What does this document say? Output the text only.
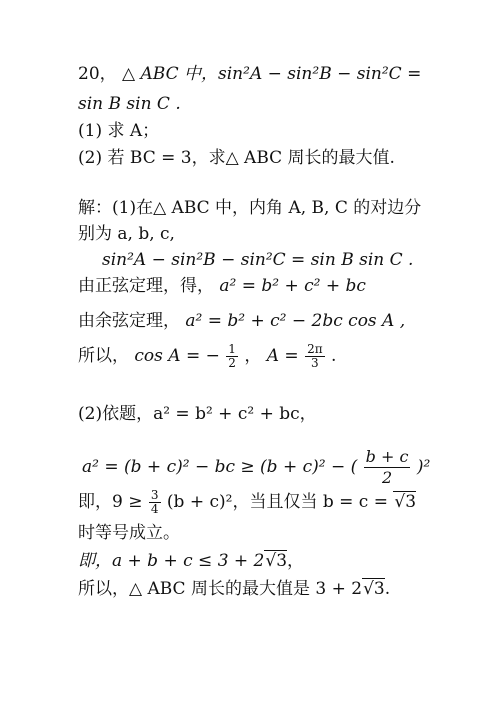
20， △ ABC 中，sin²A − sin²B − sin²C =
sin B sin C .
(1) 求 A；
(2) 若 BC = 3，求△ ABC 周长的最大值.
解：(1)在△ ABC 中，内角 A, B, C 的对边分
别为 a, b, c,
sin²A − sin²B − sin²C = sin B sin C .
由正弦定理，得， a² = b² + c² + bc
由余弦定理， a² = b² + c² − 2bc cos A ,
所以， cos A = − $\frac{1}{2}$ ， $A = \frac{2\pi}{3}$ .
(2)依题，a² = b² + c² + bc，
a² = (b + c)² − bc ≥ (b + c)² − ( $\frac{b + c}{2} )^2$
即，$9 \ge \frac{3}{4} (b + c)^2$，当且仅当 b = c = √3
时等号成立。
即，a + b + c ≤ 3 + 2√3，
所以，△ ABC 周长的最大值是 3 + 2√3.
